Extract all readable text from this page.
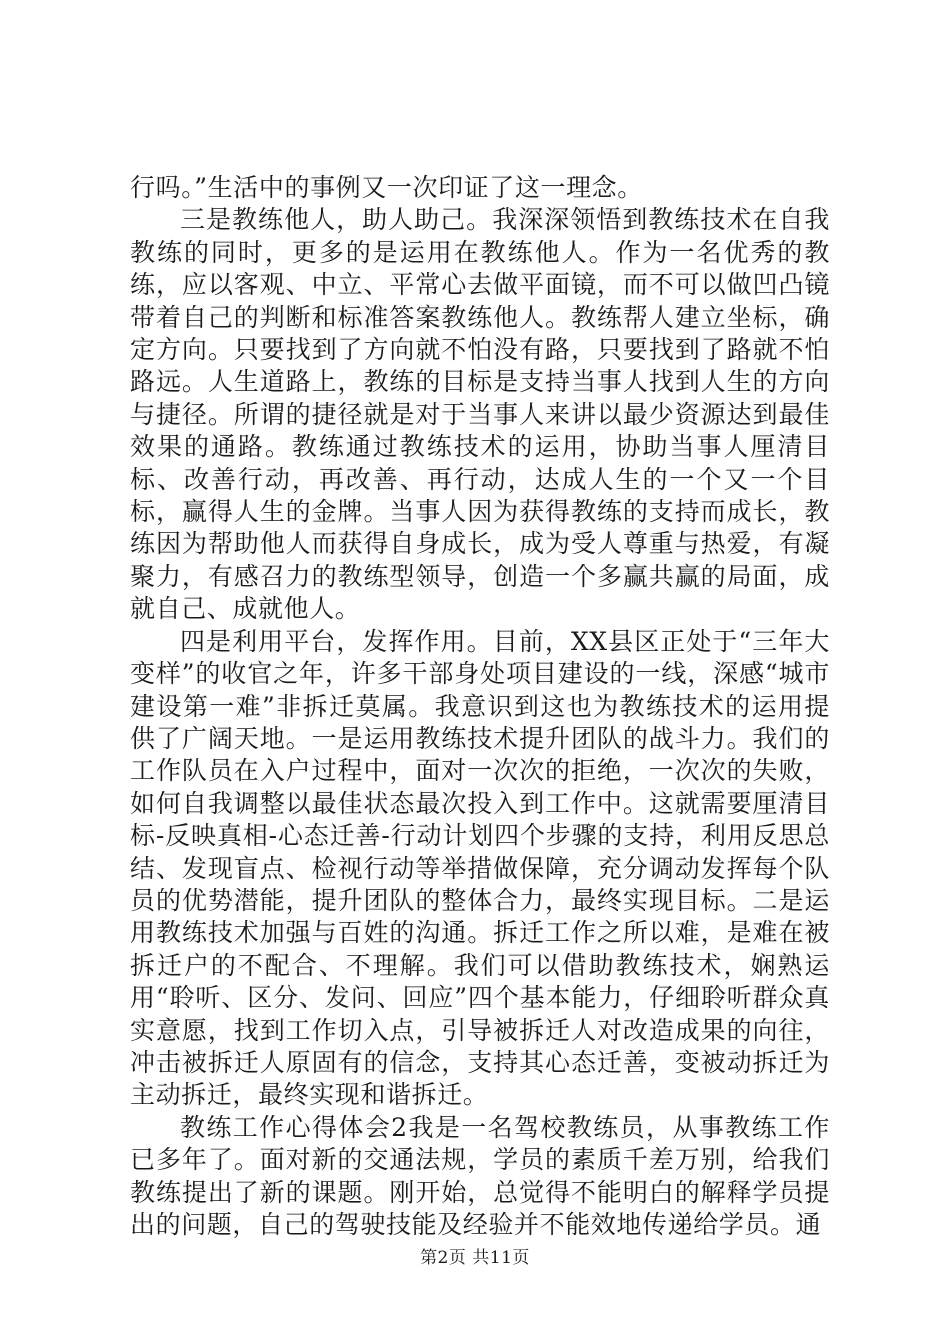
行吗。”生活中的事例又一次印证了这一理念。

三是教练他人，助人助己。我深深领悟到教练技术在自我教练的同时，更多的是运用在教练他人。作为一名优秀的教练，应以客观、中立、平常心去做平面镜，而不可以做凹凸镜带着自己的判断和标准答案教练他人。教练帮人建立坐标，确定方向。只要找到了方向就不怕没有路，只要找到了路就不怕路远。人生道路上，教练的目标是支持当事人找到人生的方向与捷径。所谓的捷径就是对于当事人来讲以最少资源达到最佳效果的通路。教练通过教练技术的运用，协助当事人厘清目标、改善行动，再改善、再行动，达成人生的一个又一个目标，赢得人生的金牌。当事人因为获得教练的支持而成长，教练因为帮助他人而获得自身成长，成为受人尊重与热爱，有凝聚力，有感召力的教练型领导，创造一个多赢共赢的局面，成就自己、成就他人。

四是利用平台，发挥作用。目前，XX县区正处于“三年大变样”的收官之年，许多干部身处项目建设的一线，深感“城市建设第一难”非拆迁莫属。我意识到这也为教练技术的运用提供了广阔天地。一是运用教练技术提升团队的战斗力。我们的工作队员在入户过程中，面对一次次的拒绝，一次次的失败，如何自我调整以最佳状态最次投入到工作中。这就需要厘清目标-反映真相-心态迁善-行动计划四个步骤的支持，利用反思总结、发现盲点、检视行动等举措做保障，充分调动发挥每个队员的优势潜能，提升团队的整体合力，最终实现目标。二是运用教练技术加强与百姓的沟通。拆迁工作之所以难，是难在被拆迁户的不配合、不理解。我们可以借助教练技术，娴熟运用“聆听、区分、发问、回应”四个基本能力，仔细聆听群众真实意愿，找到工作切入点，引导被拆迁人对改造成果的向往，冲击被拆迁人原固有的信念，支持其心态迁善，变被动拆迁为主动拆迁，最终实现和谐拆迁。

教练工作心得体会2我是一名驾校教练员，从事教练工作已多年了。面对新的交通法规，学员的素质千差万别，给我们教练提出了新的课题。刚开始，总觉得不能明白的解释学员提出的问题，自己的驾驶技能及经验并不能效地传递给学员。通

第2页 共11页
